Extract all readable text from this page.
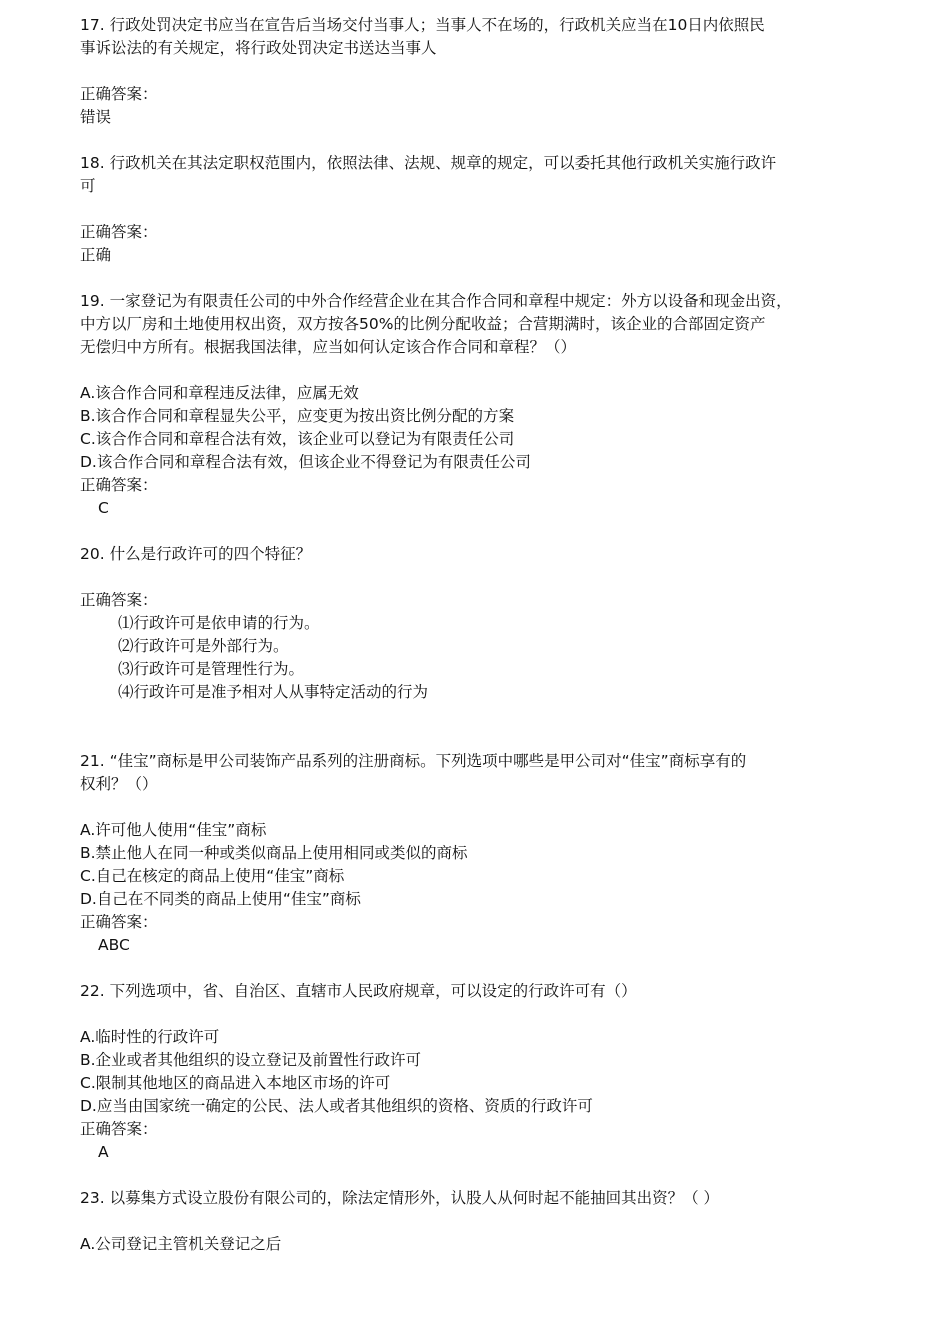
17. 行政处罚决定书应当在宣告后当场交付当事人；当事人不在场的，行政机关应当在10日内依照民

事诉讼法的有关规定，将行政处罚决定书送达当事人

正确答案：

错误

18. 行政机关在其法定职权范围内，依照法律、法规、规章的规定，可以委托其他行政机关实施行政许

可

正确答案：

正确

19. 一家登记为有限责任公司的中外合作经营企业在其合作合同和章程中规定：外方以设备和现金出资，

中方以厂房和土地使用权出资，双方按各50%的比例分配收益；合营期满时，该企业的合部固定资产

无偿归中方所有。根据我国法律，应当如何认定该合作合同和章程？（）

A.该合作合同和章程违反法律，应属无效

B.该合作合同和章程显失公平，应变更为按出资比例分配的方案

C.该合作合同和章程合法有效，该企业可以登记为有限责任公司

D.该合作合同和章程合法有效，但该企业不得登记为有限责任公司

正确答案：

C

20. 什么是行政许可的四个特征？

正确答案：

⑴行政许可是依申请的行为。

⑵行政许可是外部行为。

⑶行政许可是管理性行为。

⑷行政许可是准予相对人从事特定活动的行为

21. “佳宝”商标是甲公司装饰产品系列的注册商标。下列选项中哪些是甲公司对“佳宝”商标享有的

权利？（）

A.许可他人使用“佳宝”商标

B.禁止他人在同一种或类似商品上使用相同或类似的商标

C.自己在核定的商品上使用“佳宝”商标

D.自己在不同类的商品上使用“佳宝”商标

正确答案：

ABC

22. 下列选项中，省、自治区、直辖市人民政府规章，可以设定的行政许可有（）

A.临时性的行政许可

B.企业或者其他组织的设立登记及前置性行政许可

C.限制其他地区的商品进入本地区市场的许可

D.应当由国家统一确定的公民、法人或者其他组织的资格、资质的行政许可

正确答案：

A

23. 以募集方式设立股份有限公司的，除法定情形外，认股人从何时起不能抽回其出资？（ ）

A.公司登记主管机关登记之后
